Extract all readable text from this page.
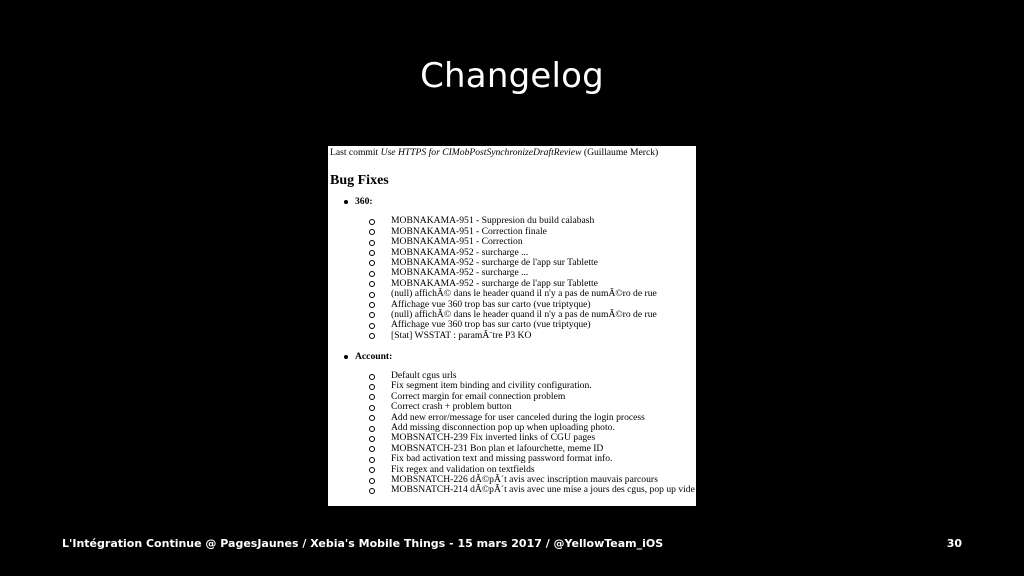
Changelog
Last commit Use HTTPS for CIMobPostSynchronizeDraftReview (Guillaume Merck)
Bug Fixes
360:
MOBNAKAMA-951 - Suppresion du build calabash
MOBNAKAMA-951 - Correction finale
MOBNAKAMA-951 - Correction
MOBNAKAMA-952 - surcharge ...
MOBNAKAMA-952 - surcharge de l'app sur Tablette
MOBNAKAMA-952 - surcharge ...
MOBNAKAMA-952 - surcharge de l'app sur Tablette
(null) affichÃ© dans le header quand il n'y a pas de numÃ©ro de rue
Affichage vue 360 trop bas sur carto (vue triptyque)
(null) affichÃ© dans le header quand il n'y a pas de numÃ©ro de rue
Affichage vue 360 trop bas sur carto (vue triptyque)
[Stat] WSSTAT : paramÃ¨tre P3 KO
Account:
Default cgus urls
Fix segment item binding and civility configuration.
Correct margin for email connection problem
Correct crash + problem button
Add new error/message for user canceled during the login process
Add missing disconnection pop up when uploading photo.
MOBSNATCH-239 Fix inverted links of CGU pages
MOBSNATCH-231 Bon plan et lafourchette, meme ID
Fix bad activation text and missing password format info.
Fix regex and validation on textfields
MOBSNATCH-226 dÃ©pÃ´t avis avec inscription mauvais parcours
MOBSNATCH-214 dÃ©pÃ´t avis avec une mise a jours des cgus, pop up vide
L'Intégration Continue @ PagesJaunes / Xebia's Mobile Things - 15 mars 2017 / @YellowTeam_iOS	30
